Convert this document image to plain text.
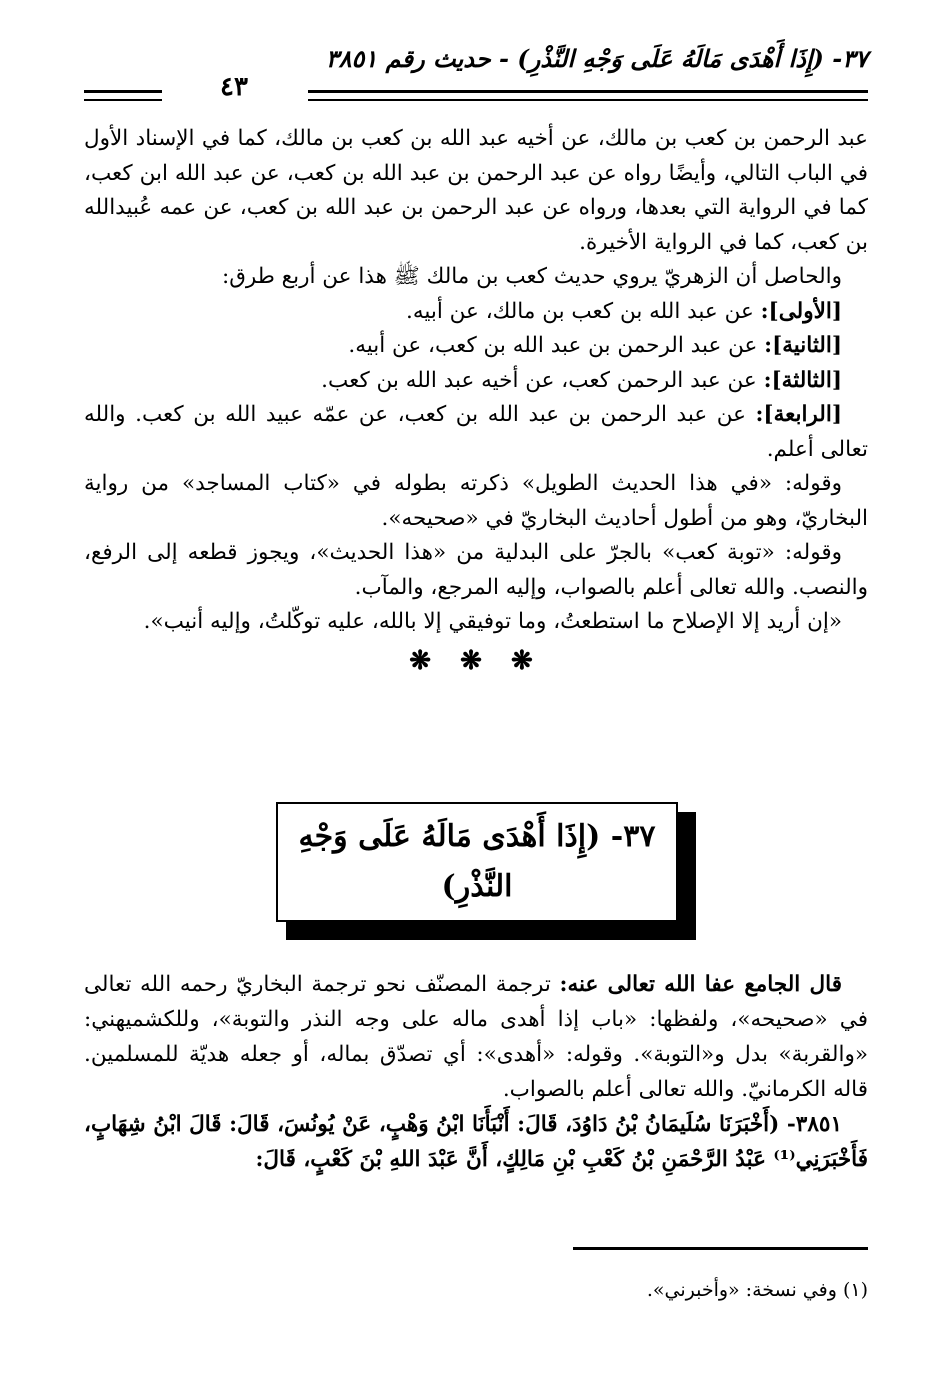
٣٧- (إِذَا أَهْدَى مَالَهُ عَلَى وَجْهِ النَّذْرِ) - حديث رقم ٣٨٥١
٤٣

عبد الرحمن بن كعب بن مالك، عن أخيه عبد الله بن كعب بن مالك، كما في الإسناد الأول في الباب التالي، وأيضًا رواه عن عبد الرحمن بن عبد الله بن كعب، عن عبد الله ابن كعب، كما في الرواية التي بعدها، ورواه عن عبد الرحمن بن عبد الله بن كعب، عن عمه عُبيدالله بن كعب، كما في الرواية الأخيرة.

والحاصل أن الزهريّ يروي حديث كعب بن مالك ﷺ هذا عن أربع طرق:

[الأولى]: عن عبد الله بن كعب بن مالك، عن أبيه.

[الثانية]: عن عبد الرحمن بن عبد الله بن كعب، عن أبيه.

[الثالثة]: عن عبد الرحمن كعب، عن أخيه عبد الله بن كعب.

[الرابعة]: عن عبد الرحمن بن عبد الله بن كعب، عن عمّه عبيد الله بن كعب. والله تعالى أعلم.

وقوله: «في هذا الحديث الطويل» ذكرته بطوله في «كتاب المساجد» من رواية البخاريّ، وهو من أطول أحاديث البخاريّ في «صحيحه».

وقوله: «توبة كعب» بالجرّ على البدلية من «هذا الحديث»، ويجوز قطعه إلى الرفع، والنصب. والله تعالى أعلم بالصواب، وإليه المرجع، والمآب.

«إن أريد إلا الإصلاح ما استطعتُ، وما توفيقي إلا بالله، عليه توكّلتُ، وإليه أنيب».

❋ ❋ ❋

٣٧- (إِذَا أَهْدَى مَالَهُ عَلَى وَجْهِ النَّذْرِ)

قال الجامع عفا الله تعالى عنه: ترجمة المصنّف نحو ترجمة البخاريّ رحمه الله تعالى في «صحيحه»، ولفظها: «باب إذا أهدى ماله على وجه النذر والتوبة»، وللكشميهني: «والقربة» بدل و«التوبة». وقوله: «أهدى»: أي تصدّق بماله، أو جعله هديّة للمسلمين. قاله الكرمانيّ. والله تعالى أعلم بالصواب.

٣٨٥١- (أَخْبَرَنَا سُلَيمَانُ بْنُ دَاوُدَ، قَالَ: أَنْبَأَنَا ابْنُ وَهْبٍ، عَنْ يُونُسَ، قَالَ: قَالَ ابْنُ شِهَابٍ، فَأَخْبَرَنِي⁽¹⁾ عَبْدُ الرَّحْمَنِ بْنُ كَعْبِ بْنِ مَالِكٍ، أَنَّ عَبْدَ اللهِ بْنَ كَعْبٍ، قَالَ:

(١) وفي نسخة: «وأخبرني».
